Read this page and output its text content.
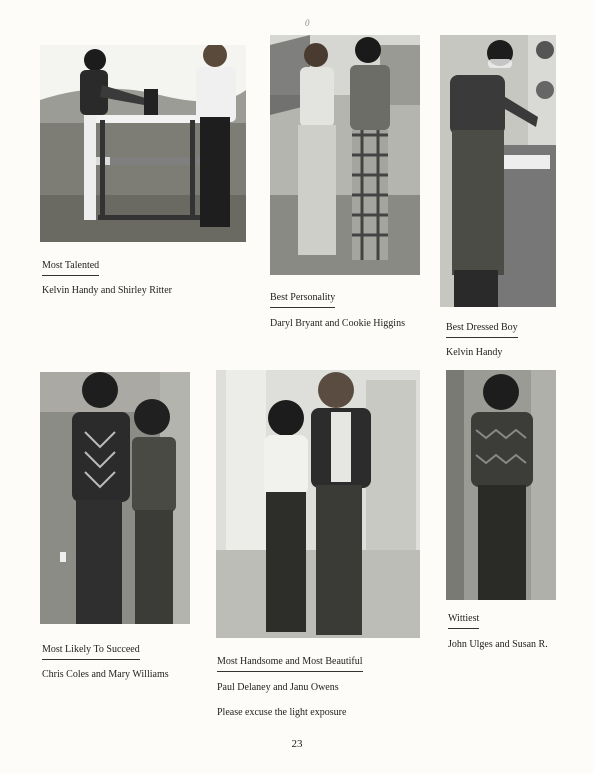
Most Talented
Kelvin Handy and Shirley Ritter
0
Best Personality
Daryl Bryant and Cookie Higgins	Best Dressed Boy
Kelvin Handy
Most Likely To Succeed
Chris Coles and Mary Williams
Most Handsome and Most Beautiful
Paul Delaney and Janu Owens
Please excuse the light exposure
Wittiest
John Ulges and Susan R.
23
